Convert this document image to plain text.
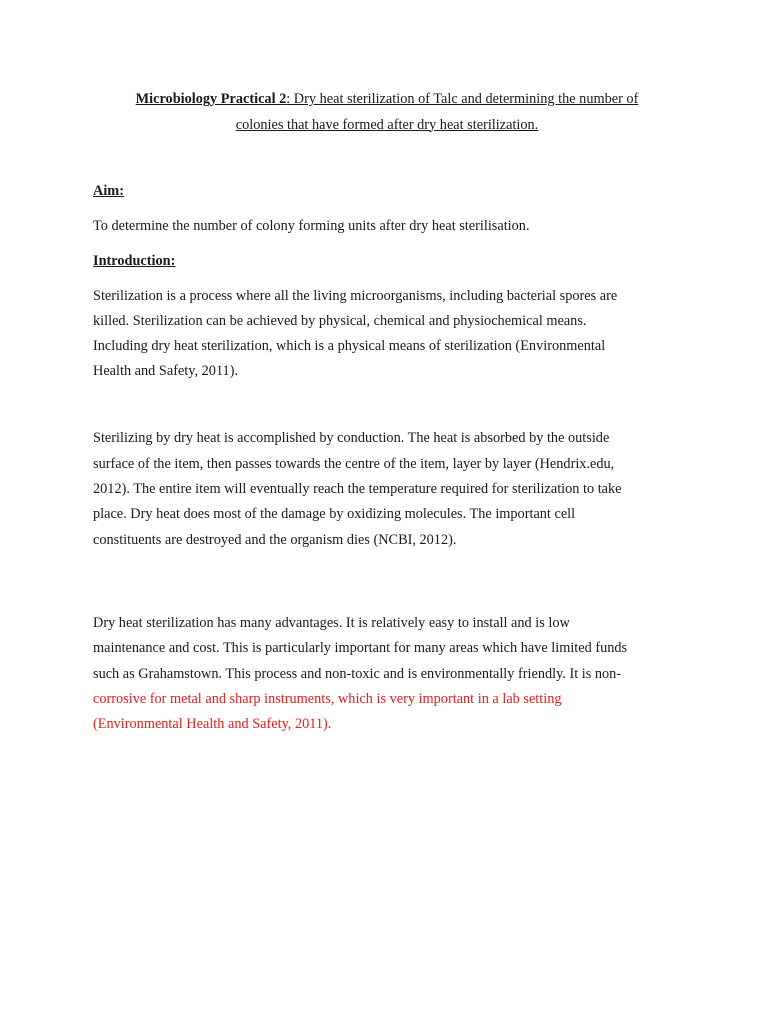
Microbiology Practical 2: Dry heat sterilization of Talc and determining the number of
colonies that have formed after dry heat sterilization.
Aim:
To determine the number of colony forming units after dry heat sterilisation.
Introduction:
Sterilization is a process where all the living microorganisms, including bacterial spores are
killed. Sterilization can be achieved by physical, chemical and physiochemical means.
Including dry heat sterilization, which is a physical means of sterilization (Environmental
Health and Safety, 2011).
Sterilizing by dry heat is accomplished by conduction. The heat is absorbed by the outside
surface of the item, then passes towards the centre of the item, layer by layer (Hendrix.edu,
2012). The entire item will eventually reach the temperature required for sterilization to take
place. Dry heat does most of the damage by oxidizing molecules. The important cell
constituents are destroyed and the organism dies (NCBI, 2012).
Dry heat sterilization has many advantages. It is relatively easy to install and is low
maintenance and cost. This is particularly important for many areas which have limited funds
such as Grahamstown. This process and non-toxic and is environmentally friendly. It is non-
corrosive for metal and sharp instruments, which is very important in a lab setting
(Environmental Health and Safety, 2011).
